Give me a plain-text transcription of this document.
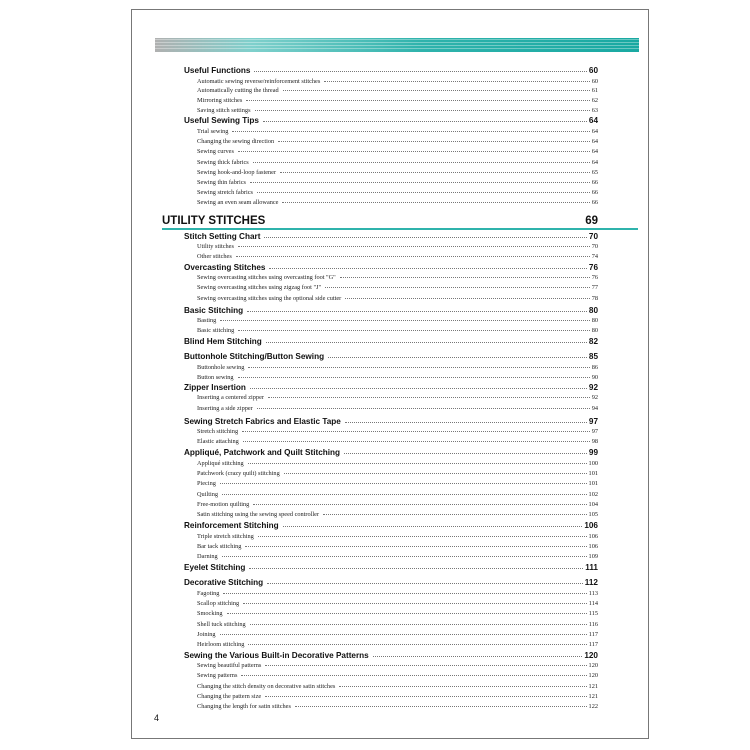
UTILITY STITCHES	69
Useful Functions	60
Automatic sewing reverse/reinforcement stitches	60
Automatically cutting the thread	61
Mirroring stitches	62
Saving stitch settings	63
Useful Sewing Tips	64
Trial sewing	64
Changing the sewing direction	64
Sewing curves	64
Sewing thick fabrics	64
Sewing hook-and-loop fastener	65
Sewing thin fabrics	66
Sewing stretch fabrics	66
Sewing an even seam allowance	66
Stitch Setting Chart	70
Utility stitches	70
Other stitches	74
Overcasting Stitches	76
Sewing overcasting stitches using overcasting foot "G"	76
Sewing overcasting stitches using zigzag foot "J"	77
Sewing overcasting stitches using the optional side cutter	78
Basic Stitching	80
Basting	80
Basic stitching	80
Blind Hem Stitching	82
Buttonhole Stitching/Button Sewing	85
Buttonhole sewing	86
Button sewing	90
Zipper Insertion	92
Inserting a centered zipper	92
Inserting a side zipper	94
Sewing Stretch Fabrics and Elastic Tape	97
Stretch stitching	97
Elastic attaching	98
Appliqué, Patchwork and Quilt Stitching	99
Appliqué stitching	100
Patchwork (crazy quilt) stitching	101
Piecing	101
Quilting	102
Free-motion quilting	104
Satin stitching using the sewing speed controller	105
Reinforcement Stitching	106
Triple stretch stitching	106
Bar tack stitching	106
Darning	109
Eyelet Stitching	111
Decorative Stitching	112
Fagoting	113
Scallop stitching	114
Smocking	115
Shell tuck stitching	116
Joining	117
Heirloom stitching	117
Sewing the Various Built-in Decorative Patterns	120
Sewing beautiful patterns	120
Sewing patterns	120
Changing the stitch density on decorative satin stitches	121
Changing the pattern size	121
Changing the length for satin stitches	122
4
